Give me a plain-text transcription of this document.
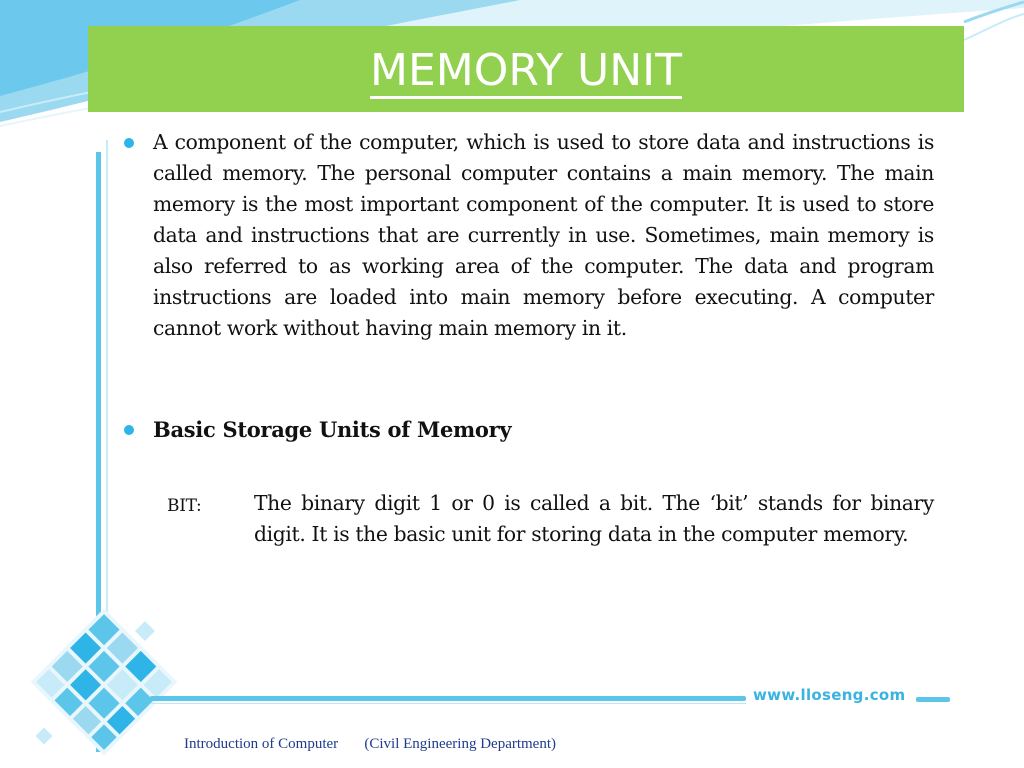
www.lloseng.com
MEMORY UNIT

A component of the computer, which is used to store data and instructions is called memory. The personal computer contains a main memory. The main memory is the most important component of the computer. It is used to store data and instructions that are currently in use. Sometimes, main memory is also referred to as working area of the computer. The data and program instructions are loaded into main memory before executing. A computer cannot work without having main memory in it.

Basic Storage Units of Memory

BIT:	The binary digit 1 or 0 is called a bit. The ‘bit’ stands for binary digit. It is the basic unit for storing data in the computer memory.

Introduction of Computer (Civil Engineering Department)
